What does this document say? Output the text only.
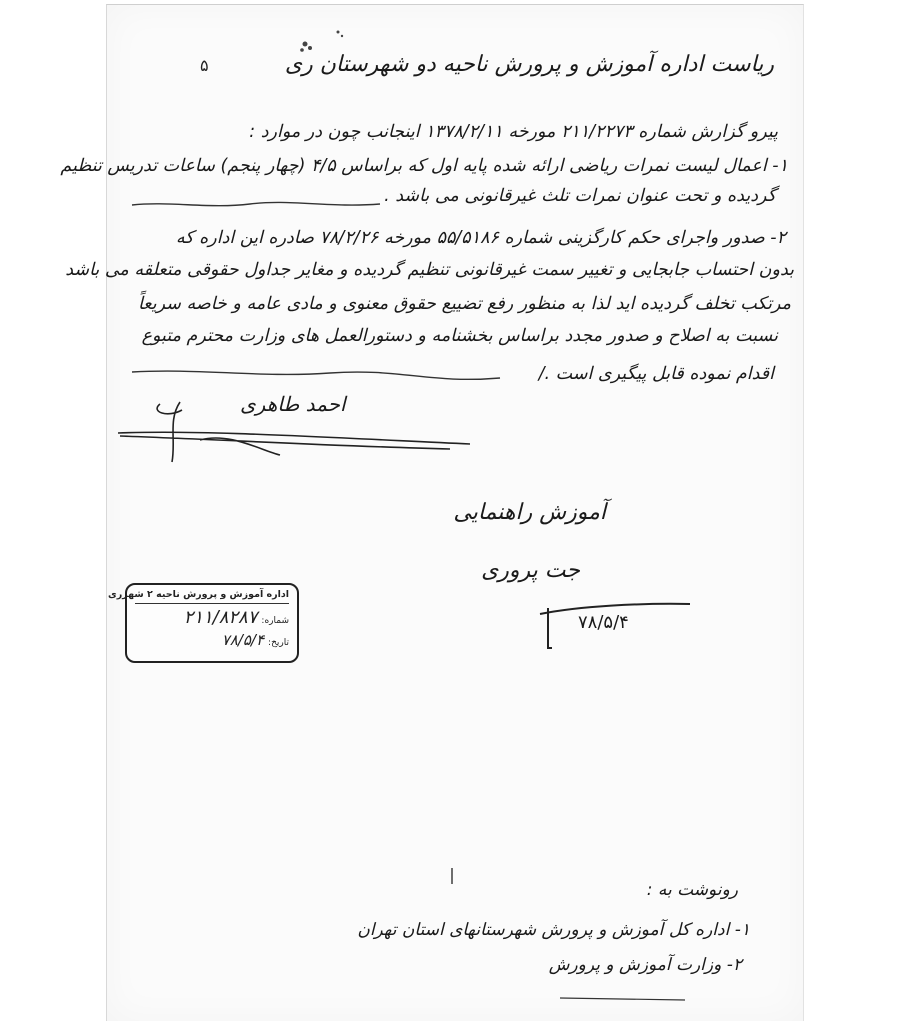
۵	ریاست اداره آموزش و پرورش ناحیه دو شهرستان ری
پیرو گزارش شماره ۲۱۱/۲۲۷۳ مورخه ۱۳۷۸/۲/۱۱ اینجانب چون در موارد :
۱- اعمال لیست نمرات ریاضی ارائه شده پایه اول که براساس ۴/۵ (چهار پنجم) ساعات تدریس تنظیم
گردیده و تحت عنوان نمرات تلث غیرقانونی می باشد .
۲- صدور واجرای حکم کارگزینی شماره ۵۵/۵۱۸۶ مورخه ۷۸/۲/۲۶ صادره این اداره که
بدون احتساب جابجایی و تغییر سمت غیرقانونی تنظیم گردیده و مغایر جداول حقوقی متعلقه می باشد
مرتکب تخلف گردیده اید لذا به منظور رفع تضییع حقوق معنوی و مادی عامه و خاصه سریعاً
نسبت به اصلاح و صدور مجدد براساس بخشنامه و دستورالعمل های وزارت محترم متبوع
اقدام نموده قابل پیگیری است ./
احمد طاهری
آموزش راهنمایی
جت پروری
۷۸/۵/۴
اداره آموزش و پرورش ناحیه ۲ شهرری
شماره:
۲۱۱/۸۲۸۷
تاریخ:
۷۸/۵/۴
رونوشت به :
۱- اداره کل آموزش و پرورش شهرستانهای استان تهران
۲- وزارت آموزش و پرورش
